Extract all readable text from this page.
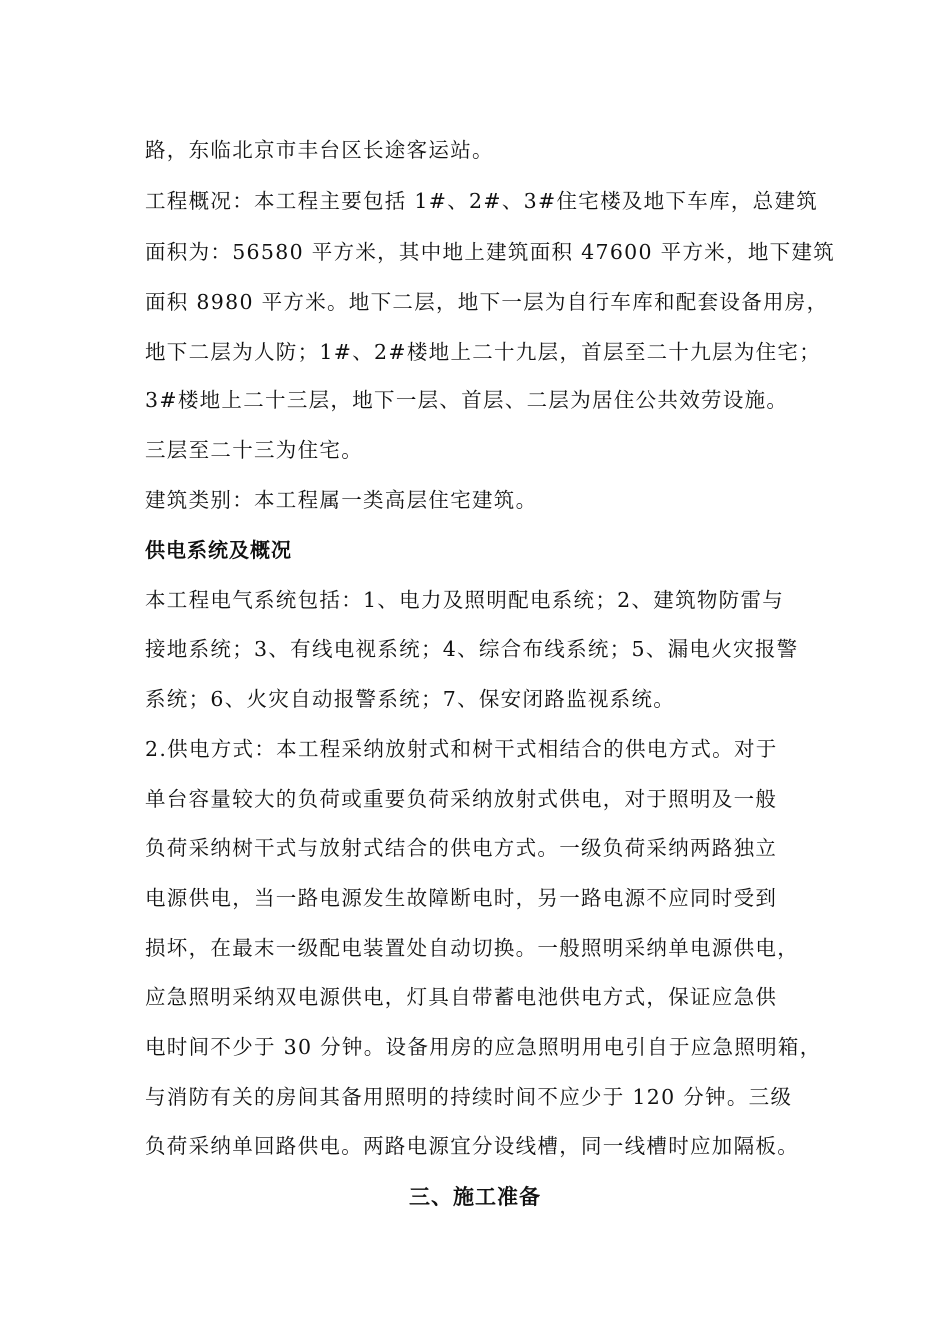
路，东临北京市丰台区长途客运站。
工程概况：本工程主要包括 1#、2#、3#住宅楼及地下车库，总建筑
面积为：56580 平方米，其中地上建筑面积 47600 平方米，地下建筑
面积 8980 平方米。地下二层，地下一层为自行车库和配套设备用房，
地下二层为人防；1#、2#楼地上二十九层，首层至二十九层为住宅；
3#楼地上二十三层，地下一层、首层、二层为居住公共效劳设施。
三层至二十三为住宅。
建筑类别：本工程属一类高层住宅建筑。
供电系统及概况
本工程电气系统包括：1、电力及照明配电系统；2、建筑物防雷与
接地系统；3、有线电视系统；4、综合布线系统；5、漏电火灾报警
系统；6、火灾自动报警系统；7、保安闭路监视系统。
2.供电方式：本工程采纳放射式和树干式相结合的供电方式。对于
单台容量较大的负荷或重要负荷采纳放射式供电，对于照明及一般
负荷采纳树干式与放射式结合的供电方式。一级负荷采纳两路独立
电源供电，当一路电源发生故障断电时，另一路电源不应同时受到
损坏，在最末一级配电装置处自动切换。一般照明采纳单电源供电，
应急照明采纳双电源供电，灯具自带蓄电池供电方式，保证应急供
电时间不少于 30 分钟。设备用房的应急照明用电引自于应急照明箱，
与消防有关的房间其备用照明的持续时间不应少于 120 分钟。三级
负荷采纳单回路供电。两路电源宜分设线槽，同一线槽时应加隔板。
三、施工准备
